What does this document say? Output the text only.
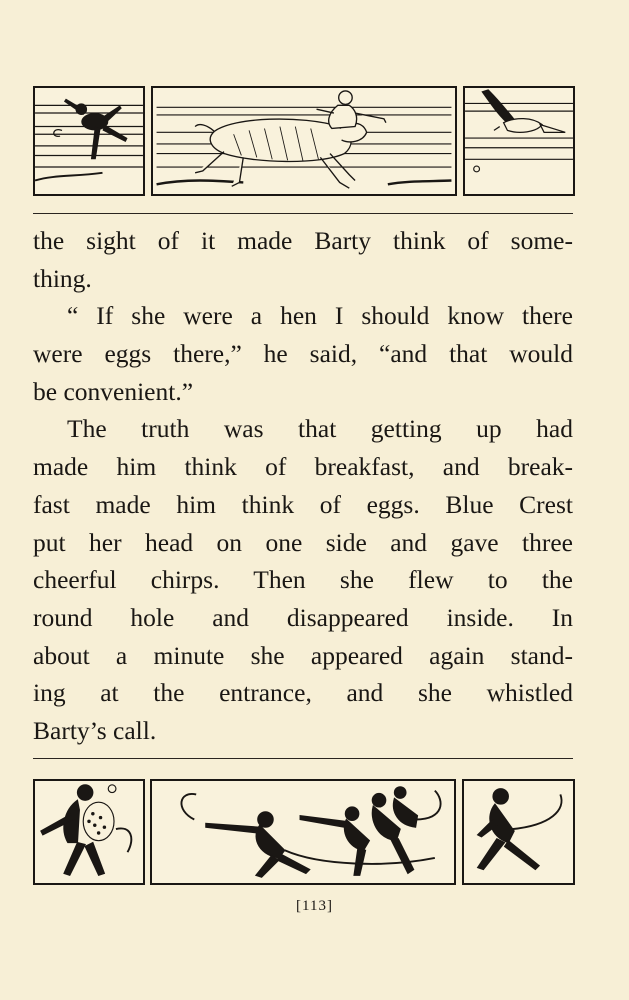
the sight of it made Barty think of some-
thing.
“ If she were a hen I should know there
were eggs there,” he said, “and that would
be convenient.”
The truth was that getting up had
made him think of breakfast, and break-
fast made him think of eggs. Blue Crest
put her head on one side and gave three
cheerful chirps. Then she flew to the
round hole and disappeared inside. In
about a minute she appeared again stand-
ing at the entrance, and she whistled
Barty’s call.
[113]
